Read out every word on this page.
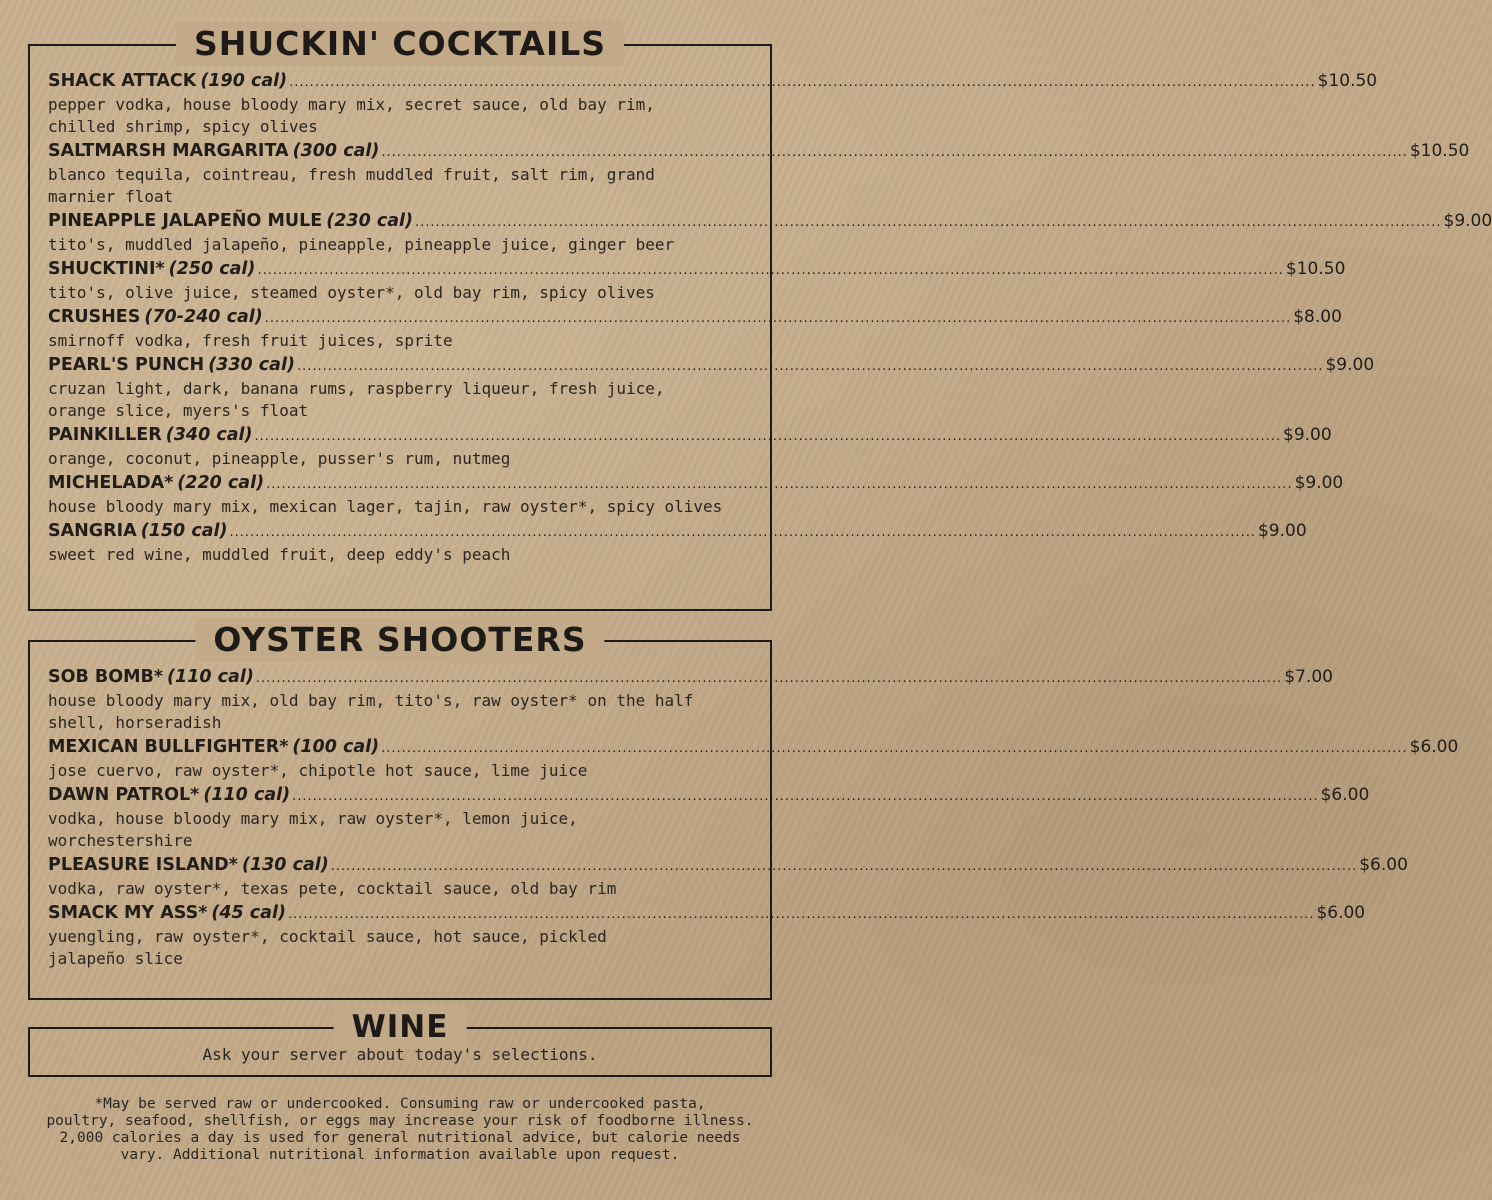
SHUCKIN' COCKTAILS
SHACK ATTACK (190 cal) ........................................................................................................................................................................................................ $10.50
pepper vodka, house bloody mary mix, secret sauce, old bay rim,
chilled shrimp, spicy olives
SALTMARSH MARGARITA (300 cal) ........................................................................................................................................................................................................ $10.50
blanco tequila, cointreau, fresh muddled fruit, salt rim, grand
marnier float
PINEAPPLE JALAPEÑO MULE (230 cal) ........................................................................................................................................................................................................ $9.00
tito's, muddled jalapeño, pineapple, pineapple juice, ginger beer
SHUCKTINI* (250 cal) ........................................................................................................................................................................................................ $10.50
tito's, olive juice, steamed oyster*, old bay rim, spicy olives
CRUSHES (70-240 cal) ........................................................................................................................................................................................................ $8.00
smirnoff vodka, fresh fruit juices, sprite
PEARL'S PUNCH (330 cal) ........................................................................................................................................................................................................ $9.00
cruzan light, dark, banana rums, raspberry liqueur, fresh juice,
orange slice, myers's float
PAINKILLER (340 cal) ........................................................................................................................................................................................................ $9.00
orange, coconut, pineapple, pusser's rum, nutmeg
MICHELADA* (220 cal) ........................................................................................................................................................................................................ $9.00
house bloody mary mix, mexican lager, tajin, raw oyster*, spicy olives
SANGRIA (150 cal) ........................................................................................................................................................................................................ $9.00
sweet red wine, muddled fruit, deep eddy's peach
OYSTER SHOOTERS
SOB BOMB* (110 cal) ........................................................................................................................................................................................................ $7.00
house bloody mary mix, old bay rim, tito's, raw oyster* on the half
shell, horseradish
MEXICAN BULLFIGHTER* (100 cal) ........................................................................................................................................................................................................ $6.00
jose cuervo, raw oyster*, chipotle hot sauce, lime juice
DAWN PATROL* (110 cal) ........................................................................................................................................................................................................ $6.00
vodka, house bloody mary mix, raw oyster*, lemon juice,
worchestershire
PLEASURE ISLAND* (130 cal) ........................................................................................................................................................................................................ $6.00
vodka, raw oyster*, texas pete, cocktail sauce, old bay rim
SMACK MY ASS* (45 cal) ........................................................................................................................................................................................................ $6.00
yuengling, raw oyster*, cocktail sauce, hot sauce, pickled
jalapeño slice
WINE
Ask your server about today's selections.
*May be served raw or undercooked. Consuming raw or undercooked pasta,
poultry, seafood, shellfish, or eggs may increase your risk of foodborne illness.
2,000 calories a day is used for general nutritional advice, but calorie needs
vary. Additional nutritional information available upon request.
